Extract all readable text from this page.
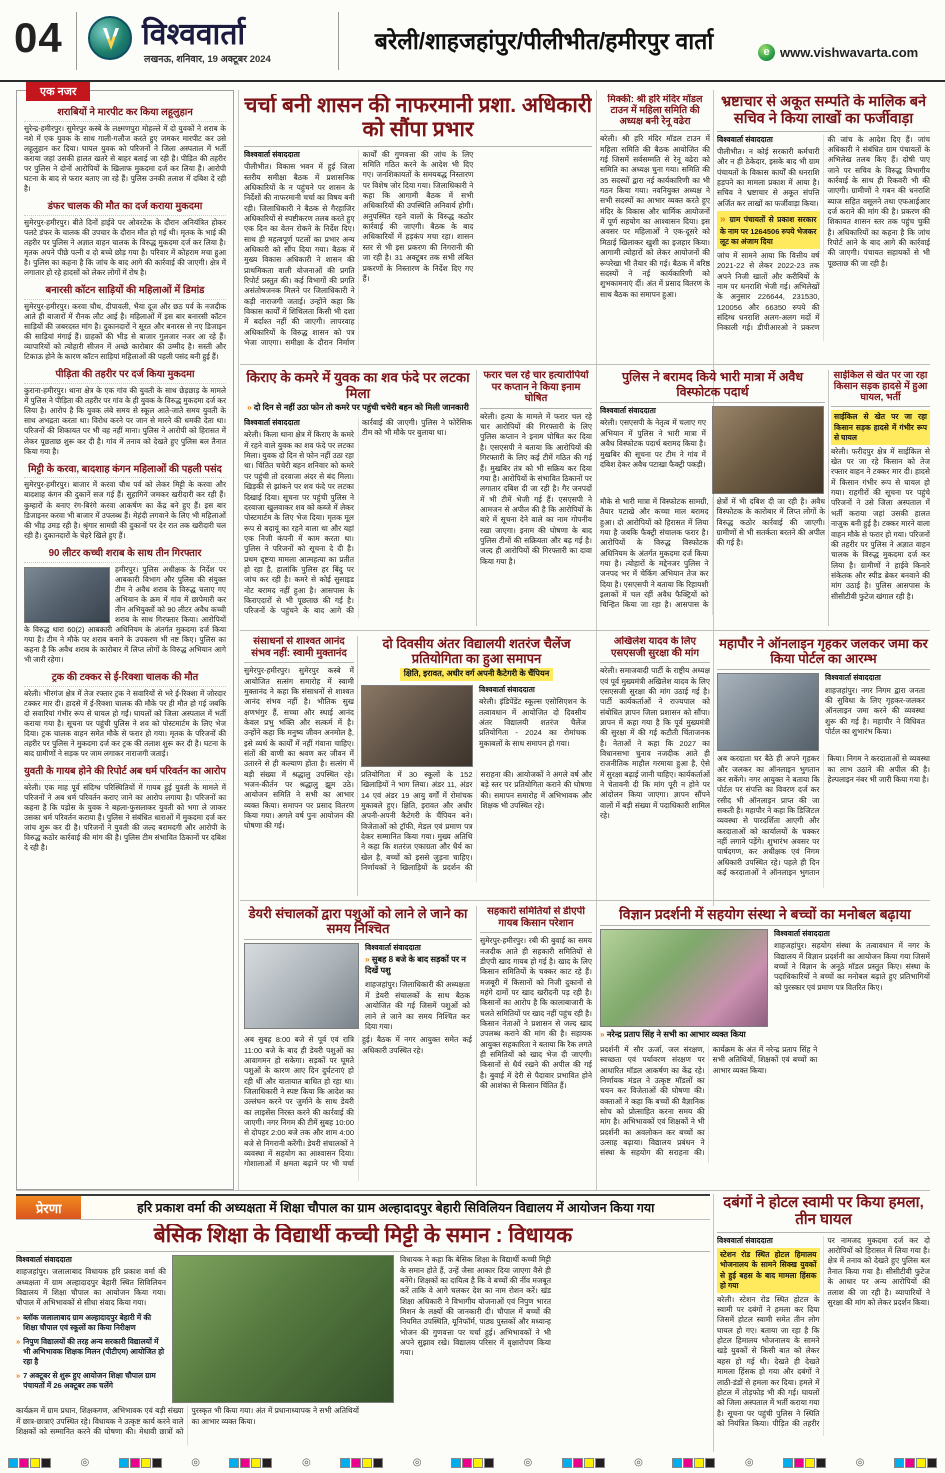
04	विश्ववार्ता
लखनऊ, शनिवार, 19 अक्टूबर 2024
बरेली/शाहजहांपुर/पीलीभीत/हमीरपुर वार्ता	e www.vishwavarta.com
एक नजर
शराबियों ने मारपीट कर किया लहूलुहान

सुरेन्द्र-हमीरपुर। सुमेरपुर कस्बे के लक्ष्मणपुरा मोहल्ले में दो युवकों ने शराब के नशे में एक युवक के साथ गाली-गलौज करते हुए जमकर मारपीट कर उसे लहूलुहान कर दिया। घायल युवक को परिजनों ने जिला अस्पताल में भर्ती कराया जहां उसकी हालत खतरे से बाहर बताई जा रही है। पीड़ित की तहरीर पर पुलिस ने दोनों आरोपियों के खिलाफ मुकदमा दर्ज कर लिया है। आरोपी घटना के बाद से फरार बताए जा रहे हैं। पुलिस उनकी तलाश में दबिश दे रही है।

डंफर चालक की मौत का दर्ज कराया मुकदमा

सुमेरपुर-हमीरपुर। बीते दिनों हाईवे पर ओवरटेक के दौरान अनियंत्रित होकर पलटे डंफर के चालक की उपचार के दौरान मौत हो गई थी। मृतक के भाई की तहरीर पर पुलिस ने अज्ञात वाहन चालक के विरुद्ध मुकदमा दर्ज कर लिया है। मृतक अपने पीछे पत्नी व दो बच्चे छोड़ गया है। परिवार में कोहराम मचा हुआ है। पुलिस का कहना है कि जांच के बाद आगे की कार्रवाई की जाएगी। क्षेत्र में लगातार हो रहे हादसों को लेकर लोगों में रोष है।

बनारसी कॉटन साड़ियों की महिलाओं में डिमांड

सुमेरपुर-हमीरपुर। करवा चौथ, दीपावली, भैया दूज और छठ पर्व के नजदीक आते ही बाजारों में रौनक लौट आई है। महिलाओं में इस बार बनारसी कॉटन साड़ियों की जबरदस्त मांग है। दुकानदारों ने सूरत और बनारस से नए डिजाइन की साड़ियां मंगाई हैं। ग्राहकों की भीड़ से बाजार गुलजार नजर आ रहे हैं। व्यापारियों को त्योहारी सीजन में अच्छे कारोबार की उम्मीद है। सस्ती और टिकाऊ होने के कारण कॉटन साड़ियां महिलाओं की पहली पसंद बनी हुई हैं।

पीड़िता की तहरीर पर दर्ज किया मुकदमा

कुराना-हमीरपुर। थाना क्षेत्र के एक गांव की युवती के साथ छेड़छाड़ के मामले में पुलिस ने पीड़िता की तहरीर पर गांव के ही युवक के विरुद्ध मुकदमा दर्ज कर लिया है। आरोप है कि युवक लंबे समय से स्कूल आते-जाते समय युवती के साथ अभद्रता करता था। विरोध करने पर जान से मारने की धमकी देता था। परिजनों की शिकायत पर भी वह नहीं माना। पुलिस ने आरोपी को हिरासत में लेकर पूछताछ शुरू कर दी है। गांव में तनाव को देखते हुए पुलिस बल तैनात किया गया है।

मिट्टी के करवा, बादशाह कंगन महिलाओं की पहली पसंद

सुमेरपुर-हमीरपुर। बाजार में करवा चौथ पर्व को लेकर मिट्टी के करवा और बादशाह कंगन की दुकानें सज गई हैं। सुहागिनें जमकर खरीदारी कर रही हैं। कुम्हारों के बनाए रंग-बिरंगे करवा आकर्षण का केंद्र बने हुए हैं। इस बार डिजाइनर करवा भी बाजार में उपलब्ध हैं। मेहंदी लगवाने के लिए भी महिलाओं की भीड़ उमड़ रही है। श्रृंगार सामग्री की दुकानों पर देर रात तक खरीदारी चल रही है। दुकानदारों के चेहरे खिले हुए हैं।

90 लीटर कच्ची शराब के साथ तीन गिरफ्तार

हमीरपुर। पुलिस अधीक्षक के निर्देश पर आबकारी विभाग और पुलिस की संयुक्त टीम ने अवैध शराब के विरुद्ध चलाए गए अभियान के क्रम में गांव में छापेमारी कर तीन अभियुक्तों को 90 लीटर अवैध कच्ची शराब के साथ गिरफ्तार किया। आरोपियों के विरुद्ध धारा 60(2) आबकारी अधिनियम के अंतर्गत मुकदमा दर्ज किया गया है। टीम ने मौके पर शराब बनाने के उपकरण भी नष्ट किए। पुलिस का कहना है कि अवैध शराब के कारोबार में लिप्त लोगों के विरुद्ध अभियान आगे भी जारी रहेगा।

ट्रक की टक्कर से ई-रिक्शा चालक की मौत

बरेली। भीरगंज क्षेत्र में तेज रफ्तार ट्रक ने सवारियों से भरे ई-रिक्शा में जोरदार टक्कर मार दी। हादसे में ई-रिक्शा चालक की मौके पर ही मौत हो गई जबकि दो सवारियां गंभीर रूप से घायल हो गईं। घायलों को जिला अस्पताल में भर्ती कराया गया है। सूचना पर पहुंची पुलिस ने शव को पोस्टमार्टम के लिए भेज दिया। ट्रक चालक वाहन समेत मौके से फरार हो गया। मृतक के परिजनों की तहरीर पर पुलिस ने मुकदमा दर्ज कर ट्रक की तलाश शुरू कर दी है। घटना के बाद ग्रामीणों ने सड़क पर जाम लगाकर नाराजगी जताई।

युवती के गायब होने की रिपोर्ट अब धर्म परिवर्तन का आरोप

बरेली। एक माह पूर्व संदिग्ध परिस्थितियों में गायब हुई युवती के मामले में परिजनों ने अब धर्म परिवर्तन कराए जाने का आरोप लगाया है। परिजनों का कहना है कि पड़ोस के युवक ने बहला-फुसलाकर युवती को भगा ले जाकर उसका धर्म परिवर्तन कराया है। पुलिस ने संबंधित धाराओं में मुकदमा दर्ज कर जांच शुरू कर दी है। परिजनों ने युवती की जल्द बरामदगी और आरोपी के विरुद्ध कठोर कार्रवाई की मांग की है। पुलिस टीम संभावित ठिकानों पर दबिश दे रही है।

चर्चा बनी शासन की नाफरमानी प्रशा. अधिकारी को सौंपा प्रभार
विश्ववार्ता संवाददाता
पीलीभीत। विकास भवन में हुई जिला स्तरीय समीक्षा बैठक में प्रशासनिक अधिकारियों के न पहुंचने पर शासन के निर्देशों की नाफरमानी चर्चा का विषय बनी रही। जिलाधिकारी ने बैठक से गैरहाजिर अधिकारियों से स्पष्टीकरण तलब करते हुए एक दिन का वेतन रोकने के निर्देश दिए। साथ ही महत्वपूर्ण पटलों का प्रभार अन्य अधिकारी को सौंप दिया गया। बैठक में मुख्य विकास अधिकारी ने शासन की प्राथमिकता वाली योजनाओं की प्रगति रिपोर्ट प्रस्तुत की। कई विभागों की प्रगति असंतोषजनक मिलने पर जिलाधिकारी ने कड़ी नाराजगी जताई। उन्होंने कहा कि विकास कार्यों में शिथिलता किसी भी दशा में बर्दाश्त नहीं की जाएगी। लापरवाह अधिकारियों के विरुद्ध शासन को पत्र भेजा जाएगा। समीक्षा के दौरान निर्माण कार्यों की गुणवत्ता की जांच के लिए समिति गठित करने के आदेश भी दिए गए। जनशिकायतों के समयबद्ध निस्तारण पर विशेष जोर दिया गया। जिलाधिकारी ने कहा कि आगामी बैठक में सभी अधिकारियों की उपस्थिति अनिवार्य होगी। अनुपस्थित रहने वालों के विरुद्ध कठोर कार्रवाई की जाएगी। बैठक के बाद अधिकारियों में हड़कंप मचा रहा। शासन स्तर से भी इस प्रकरण की निगरानी की जा रही है। 31 अक्टूबर तक सभी लंबित प्रकरणों के निस्तारण के निर्देश दिए गए हैं।
मिक्की: श्री हरि मंदिर मॉडल टाउन में महिला समिति की अध्यक्ष बनी रेनू वढेरा
बरेली। श्री हरि मंदिर मॉडल टाउन में महिला समिति की बैठक आयोजित की गई जिसमें सर्वसम्मति से रेनू वढेरा को समिति का अध्यक्ष चुना गया। समिति की 35 सदस्यों द्वारा नई कार्यकारिणी का भी गठन किया गया। नवनियुक्त अध्यक्ष ने सभी सदस्यों का आभार व्यक्त करते हुए मंदिर के विकास और धार्मिक आयोजनों में पूर्ण सहयोग का आश्वासन दिया। इस अवसर पर महिलाओं ने एक-दूसरे को मिठाई खिलाकर खुशी का इजहार किया। आगामी त्योहारों को लेकर आयोजनों की रूपरेखा भी तैयार की गई। बैठक में वरिष्ठ सदस्यों ने नई कार्यकारिणी को शुभकामनाएं दीं। अंत में प्रसाद वितरण के साथ बैठक का समापन हुआ।
भ्रष्टाचार से अकूत सम्पति के मालिक बने सचिव ने किया लाखों का फर्जीवाड़ा
विश्ववार्ता संवाददाता
पीलीभीत। न कोई सरकारी कर्मचारी और न ही ठेकेदार, इसके बाद भी ग्राम पंचायतों के विकास कार्यों की धनराशि हड़पने का मामला प्रकाश में आया है। सचिव ने भ्रष्टाचार से अकूत संपत्ति अर्जित कर लाखों का फर्जीवाड़ा किया।
» ग्राम पंचायतों से प्रकाश सरकार के नाम पर 1264506 रुपये भेजकर लूट का अंजाम दिया
जांच में सामने आया कि वित्तीय वर्ष 2021-22 से लेकर 2022-23 तक अपने निजी खातों और करीबियों के नाम पर धनराशि भेजी गई। अभिलेखों के अनुसार 226644, 231530, 120056 और 66350 रुपये की संदिग्ध धनराशि अलग-अलग मदों में निकाली गई। डीपीआरओ ने प्रकरण की जांच के आदेश दिए हैं। जांच अधिकारी ने संबंधित ग्राम पंचायतों के अभिलेख तलब किए हैं। दोषी पाए जाने पर सचिव के विरुद्ध विभागीय कार्रवाई के साथ ही रिकवरी भी की जाएगी। ग्रामीणों ने गबन की धनराशि ब्याज सहित वसूलने तथा एफआईआर दर्ज कराने की मांग की है। प्रकरण की शिकायत शासन स्तर तक पहुंच चुकी है। अधिकारियों का कहना है कि जांच रिपोर्ट आने के बाद आगे की कार्रवाई की जाएगी। पंचायत सहायकों से भी पूछताछ की जा रही है।
किराए के कमरे में युवक का शव फंदे पर लटका मिला
» दो दिन से नहीं उठा फोन तो कमरे पर पहुंची चचेरी बहन को मिली जानकारी
विश्ववार्ता संवाददाता
बरेली। किला थाना क्षेत्र में किराए के कमरे में रहने वाले युवक का शव फंदे पर लटका मिला। युवक दो दिन से फोन नहीं उठा रहा था। चिंतित चचेरी बहन शनिवार को कमरे पर पहुंची तो दरवाजा अंदर से बंद मिला। खिड़की से झांकने पर शव फंदे पर लटका दिखाई दिया। सूचना पर पहुंची पुलिस ने दरवाजा खुलवाकर शव को कब्जे में लेकर पोस्टमार्टम के लिए भेज दिया। मृतक मूल रूप से बदायूं का रहने वाला था और यहां एक निजी कंपनी में काम करता था। पुलिस ने परिजनों को सूचना दे दी है। प्रथम दृष्टया मामला आत्महत्या का प्रतीत हो रहा है, हालांकि पुलिस हर बिंदु पर जांच कर रही है। कमरे से कोई सुसाइड नोट बरामद नहीं हुआ है। आसपास के किराएदारों से भी पूछताछ की गई है। परिजनों के पहुंचने के बाद आगे की कार्रवाई की जाएगी। पुलिस ने फोरेंसिक टीम को भी मौके पर बुलाया था।
फरार चल रहे चार हत्यारोपियों पर कप्तान ने किया इनाम घोषित
बरेली। हत्या के मामले में फरार चल रहे चार आरोपियों की गिरफ्तारी के लिए पुलिस कप्तान ने इनाम घोषित कर दिया है। एसएसपी ने बताया कि आरोपियों की गिरफ्तारी के लिए कई टीमें गठित की गई हैं। मुखबिर तंत्र को भी सक्रिय कर दिया गया है। आरोपियों के संभावित ठिकानों पर लगातार दबिश दी जा रही है। गैर जनपदों में भी टीमें भेजी गई हैं। एसएसपी ने आमजन से अपील की है कि आरोपियों के बारे में सूचना देने वाले का नाम गोपनीय रखा जाएगा। इनाम की घोषणा के बाद पुलिस टीमों की सक्रियता और बढ़ गई है। जल्द ही आरोपियों की गिरफ्तारी का दावा किया गया है।
पुलिस ने बरामद किये भारी मात्रा में अवैध विस्फोटक पदार्थ
विश्ववार्ता संवाददाता
बरेली। एसएसपी के नेतृत्व में चलाए गए अभियान में पुलिस ने भारी मात्रा में अवैध विस्फोटक पदार्थ बरामद किया है। मुखबिर की सूचना पर टीम ने गांव में दबिश देकर अवैध पटाखा फैक्ट्री पकड़ी।
मौके से भारी मात्रा में विस्फोटक सामग्री, तैयार पटाखे और कच्चा माल बरामद हुआ। दो आरोपियों को हिरासत में लिया गया है जबकि फैक्ट्री संचालक फरार है। आरोपियों के विरुद्ध विस्फोटक अधिनियम के अंतर्गत मुकदमा दर्ज किया गया है। त्योहारों के मद्देनजर पुलिस ने जनपद भर में चेकिंग अभियान तेज कर दिया है। एसएसपी ने बताया कि रिहायशी इलाकों में चल रहीं अवैध फैक्ट्रियों को चिन्हित किया जा रहा है। आसपास के क्षेत्रों में भी दबिश दी जा रही है। अवैध विस्फोटक के कारोबार में लिप्त लोगों के विरुद्ध कठोर कार्रवाई की जाएगी। ग्रामीणों से भी सतर्कता बरतने की अपील की गई है।
साईकिल से खेत पर जा रहा किसान सड़क हादसे में हुआ घायल, भर्ती
साईकिल से खेत पर जा रहा किसान सड़क हादसे में गंभीर रूप से घायल
बरेली। फरीदपुर क्षेत्र में साईकिल से खेत पर जा रहे किसान को तेज रफ्तार वाहन ने टक्कर मार दी। हादसे में किसान गंभीर रूप से घायल हो गया। राहगीरों की सूचना पर पहुंचे परिजनों ने उसे जिला अस्पताल में भर्ती कराया जहां उसकी हालत नाजुक बनी हुई है। टक्कर मारने वाला वाहन मौके से फरार हो गया। परिजनों की तहरीर पर पुलिस ने अज्ञात वाहन चालक के विरुद्ध मुकदमा दर्ज कर लिया है। ग्रामीणों ने हाईवे किनारे संकेतक और स्पीड ब्रेकर बनवाने की मांग उठाई है। पुलिस आसपास के सीसीटीवी फुटेज खंगाल रही है।
संसाधनों से शाश्वत आनंद संभव नहीं: स्वामी मुक्तानंद
सुमेरपुर-हमीरपुर। सुमेरपुर कस्बे में आयोजित सत्संग समारोह में स्वामी मुक्तानंद ने कहा कि संसाधनों से शाश्वत आनंद संभव नहीं है। भौतिक सुख क्षणभंगुर हैं, सच्चा और स्थाई आनंद केवल प्रभु भक्ति और सत्कर्म में है। उन्होंने कहा कि मनुष्य जीवन अनमोल है, इसे व्यर्थ के कार्यों में नहीं गंवाना चाहिए। संतों की वाणी का श्रवण कर जीवन में उतारने से ही कल्याण होता है। सत्संग में बड़ी संख्या में श्रद्धालु उपस्थित रहे। भजन-कीर्तन पर श्रद्धालु झूम उठे। आयोजन समिति ने सभी का आभार व्यक्त किया। समापन पर प्रसाद वितरण किया गया। अगले वर्ष पुनः आयोजन की घोषणा की गई।
दो दिवसीय अंतर विद्यालयी शतरंज चैलेंज प्रतियोगिता का हुआ समापन
क्षिति, इरावत, अधीर वर्ग अपनी कैटेगरी के चैंपियन
विश्ववार्ता संवाददाता
बरेली। इंडिपेंडेंट स्कूल्स एसोसिएशन के तत्वावधान में आयोजित दो दिवसीय अंतर विद्यालयी शतरंज चैलेंज प्रतियोगिता - 2024 का रोमांचक मुकाबलों के साथ समापन हो गया।
प्रतियोगिता में 30 स्कूलों के 152 खिलाड़ियों ने भाग लिया। अंडर 11, अंडर 14 एवं अंडर 19 आयु वर्गों में रोमांचक मुकाबले हुए। क्षिति, इरावत और अधीर अपनी-अपनी कैटेगरी के चैंपियन बने। विजेताओं को ट्रॉफी, मेडल एवं प्रमाण पत्र देकर सम्मानित किया गया। मुख्य अतिथि ने कहा कि शतरंज एकाग्रता और धैर्य का खेल है, बच्चों को इससे जुड़ना चाहिए। निर्णायकों ने खिलाड़ियों के प्रदर्शन की सराहना की। आयोजकों ने अगले वर्ष और बड़े स्तर पर प्रतियोगिता कराने की घोषणा की। समापन समारोह में अभिभावक और शिक्षक भी उपस्थित रहे।
अखिलेश यादव के लिए एसएसजी सुरक्षा की मांग
बरेली। समाजवादी पार्टी के राष्ट्रीय अध्यक्ष एवं पूर्व मुख्यमंत्री अखिलेश यादव के लिए एसएसजी सुरक्षा की मांग उठाई गई है। पार्टी कार्यकर्ताओं ने राज्यपाल को संबोधित ज्ञापन जिला प्रशासन को सौंपा। ज्ञापन में कहा गया है कि पूर्व मुख्यमंत्री की सुरक्षा में की गई कटौती चिंताजनक है। नेताओं ने कहा कि 2027 का विधानसभा चुनाव नजदीक आते ही राजनीतिक माहौल गरमाया हुआ है, ऐसे में सुरक्षा बढ़ाई जानी चाहिए। कार्यकर्ताओं ने चेतावनी दी कि मांग पूरी न होने पर आंदोलन किया जाएगा। ज्ञापन सौंपने वालों में बड़ी संख्या में पदाधिकारी शामिल रहे।
महापौर ने ऑनलाइन गृहकर जलकर जमा कर किया पोर्टल का आरम्भ
विश्ववार्ता संवाददाता
शाहजहांपुर। नगर निगम द्वारा जनता की सुविधा के लिए गृहकर-जलकर ऑनलाइन जमा करने की व्यवस्था शुरू की गई है। महापौर ने विधिवत पोर्टल का शुभारंभ किया।
अब करदाता घर बैठे ही अपने गृहकर और जलकर का ऑनलाइन भुगतान कर सकेंगे। नगर आयुक्त ने बताया कि पोर्टल पर संपत्ति का विवरण दर्ज कर रसीद भी ऑनलाइन प्राप्त की जा सकती है। महापौर ने कहा कि डिजिटल व्यवस्था से पारदर्शिता आएगी और करदाताओं को कार्यालयों के चक्कर नहीं लगाने पड़ेंगे। शुभारंभ अवसर पर पार्षदगण, कर अधीक्षक एवं निगम अधिकारी उपस्थित रहे। पहले ही दिन कई करदाताओं ने ऑनलाइन भुगतान किया। निगम ने करदाताओं से व्यवस्था का लाभ उठाने की अपील की है। हेल्पलाइन नंबर भी जारी किया गया है।
डेयरी संचालकों द्वारा पशुओं को लाने ले जाने का समय निश्चित
विश्ववार्ता संवाददाता
» सुबह 8 बजे के बाद सड़कों पर न दिखें पशु
शाहजहांपुर। जिलाधिकारी की अध्यक्षता में डेयरी संचालकों के साथ बैठक आयोजित की गई जिसमें पशुओं को लाने ले जाने का समय निश्चित कर दिया गया।
अब सुबह 8:00 बजे से पूर्व एवं रात्रि 11:00 बजे के बाद ही डेयरी पशुओं का आवागमन हो सकेगा। सड़कों पर घूमते पशुओं के कारण आए दिन दुर्घटनाएं हो रही थीं और यातायात बाधित हो रहा था। जिलाधिकारी ने स्पष्ट किया कि आदेश का उल्लंघन करने पर जुर्माने के साथ डेयरी का लाइसेंस निरस्त करने की कार्रवाई की जाएगी। नगर निगम की टीमें सुबह 10:00 से दोपहर 2:00 बजे तक और शाम 4:00 बजे से निगरानी करेंगी। डेयरी संचालकों ने व्यवस्था में सहयोग का आश्वासन दिया। गोशालाओं में क्षमता बढ़ाने पर भी चर्चा हुई। बैठक में नगर आयुक्त समेत कई अधिकारी उपस्थित रहे।
सहकारी समितियों से डीएपी गायब किसान परेशान
सुमेरपुर-हमीरपुर। रबी की बुवाई का समय नजदीक आते ही सहकारी समितियों से डीएपी खाद गायब हो गई है। खाद के लिए किसान समितियों के चक्कर काट रहे हैं। मजबूरी में किसानों को निजी दुकानों से महंगे दामों पर खाद खरीदनी पड़ रही है। किसानों का आरोप है कि कालाबाजारी के चलते समितियों पर खाद नहीं पहुंच रही है। किसान नेताओं ने प्रशासन से जल्द खाद उपलब्ध कराने की मांग की है। सहायक आयुक्त सहकारिता ने बताया कि रैक लगते ही समितियों को खाद भेज दी जाएगी। किसानों से धैर्य रखने की अपील की गई है। बुवाई में देरी से पैदावार प्रभावित होने की आशंका से किसान चिंतित हैं।
विज्ञान प्रदर्शनी में सहयोग संस्था ने बच्चों का मनोबल बढ़ाया
विश्ववार्ता संवाददाता
शाहजहांपुर। सहयोग संस्था के तत्वावधान में नगर के विद्यालय में विज्ञान प्रदर्शनी का आयोजन किया गया जिसमें बच्चों ने विज्ञान के अनूठे मॉडल प्रस्तुत किए। संस्था के पदाधिकारियों ने बच्चों का मनोबल बढ़ाते हुए प्रतिभागियों को पुरस्कार एवं प्रमाण पत्र वितरित किए।
» नरेन्द्र प्रताप सिंह ने सभी का आभार व्यक्त किया
प्रदर्शनी में सौर ऊर्जा, जल संरक्षण, स्वच्छता एवं पर्यावरण संरक्षण पर आधारित मॉडल आकर्षण का केंद्र रहे। निर्णायक मंडल ने उत्कृष्ट मॉडलों का चयन कर विजेताओं की घोषणा की। वक्ताओं ने कहा कि बच्चों की वैज्ञानिक सोच को प्रोत्साहित करना समय की मांग है। अभिभावकों एवं शिक्षकों ने भी प्रदर्शनी का अवलोकन कर बच्चों का उत्साह बढ़ाया। विद्यालय प्रबंधन ने संस्था के सहयोग की सराहना की। कार्यक्रम के अंत में नरेन्द्र प्रताप सिंह ने सभी अतिथियों, शिक्षकों एवं बच्चों का आभार व्यक्त किया।
प्रेरणा	हरि प्रकाश वर्मा की अध्यक्षता में शिक्षा चौपाल का ग्राम अल्हादादपुर बेहारी सिविलियन विद्यालय में आयोजन किया गया
बेसिक शिक्षा के विद्यार्थी कच्ची मिट्टी के समान : विधायक
विश्ववार्ता संवाददाता
शाहजहांपुर। जलालाबाद विधायक हरि प्रकाश वर्मा की अध्यक्षता में ग्राम अल्हादादपुर बेहारी स्थित सिविलियन विद्यालय में शिक्षा चौपाल का आयोजन किया गया। चौपाल में अभिभावकों से सीधा संवाद किया गया।
» ब्लॉक जलालाबाद ग्राम अल्हादादपुर बेहारी में की शिक्षा चौपाल एवं स्कूलों का किया निरीक्षण
» निपुण विद्यालयों की तरह अन्य सरकारी विद्यालयों में भी अभिभावक शिक्षक मिलन (पीटीएम) आयोजित हो रहा है
» 7 अक्टूबर से शुरू हुए आयोजन शिक्षा चौपाल ग्राम पंचायतों में 26 अक्टूबर तक चलेंगे
विधायक ने कहा कि बेसिक शिक्षा के विद्यार्थी कच्ची मिट्टी के समान होते हैं, उन्हें जैसा आकार दिया जाएगा वैसे ही बनेंगे। शिक्षकों का दायित्व है कि वे बच्चों की नींव मजबूत करें ताकि वे आगे चलकर देश का नाम रोशन करें। खंड शिक्षा अधिकारी ने विभागीय योजनाओं एवं निपुण भारत मिशन के लक्ष्यों की जानकारी दी। चौपाल में बच्चों की नियमित उपस्थिति, यूनिफॉर्म, पाठ्य पुस्तकों और मध्यान्ह भोजन की गुणवत्ता पर चर्चा हुई। अभिभावकों ने भी अपने सुझाव रखे। विद्यालय परिसर में वृक्षारोपण किया गया।
कार्यक्रम में ग्राम प्रधान, शिक्षकगण, अभिभावक एवं बड़ी संख्या में छात्र-छात्राएं उपस्थित रहे। विधायक ने उत्कृष्ट कार्य करने वाले शिक्षकों को सम्मानित करने की घोषणा की। मेधावी छात्रों को पुरस्कृत भी किया गया। अंत में प्रधानाध्यापक ने सभी अतिथियों का आभार व्यक्त किया।
दबंगों ने होटल स्वामी पर किया हमला, तीन घायल
विश्ववार्ता संवाददाता
स्टेशन रोड स्थित होटल हिमालय भोजनालय के सामने सिक्ख युवकों से हुई बहस के बाद मामला हिंसक हो गया
बरेली। स्टेशन रोड स्थित होटल के स्वामी पर दबंगों ने हमला कर दिया जिसमें होटल स्वामी समेत तीन लोग घायल हो गए। बताया जा रहा है कि होटल हिमालय भोजनालय के सामने खड़े युवकों से किसी बात को लेकर बहस हो गई थी। देखते ही देखते मामला हिंसक हो गया और दबंगों ने लाठी-डंडों से हमला कर दिया। हमले में होटल में तोड़फोड़ भी की गई। घायलों को जिला अस्पताल में भर्ती कराया गया है। सूचना पर पहुंची पुलिस ने स्थिति को नियंत्रित किया। पीड़ित की तहरीर पर नामजद मुकदमा दर्ज कर दो आरोपियों को हिरासत में लिया गया है। क्षेत्र में तनाव को देखते हुए पुलिस बल तैनात किया गया है। सीसीटीवी फुटेज के आधार पर अन्य आरोपियों की तलाश की जा रही है। व्यापारियों ने सुरक्षा की मांग को लेकर प्रदर्शन किया।
◎	◎	◎	◎	◎	◎	◎	◎
